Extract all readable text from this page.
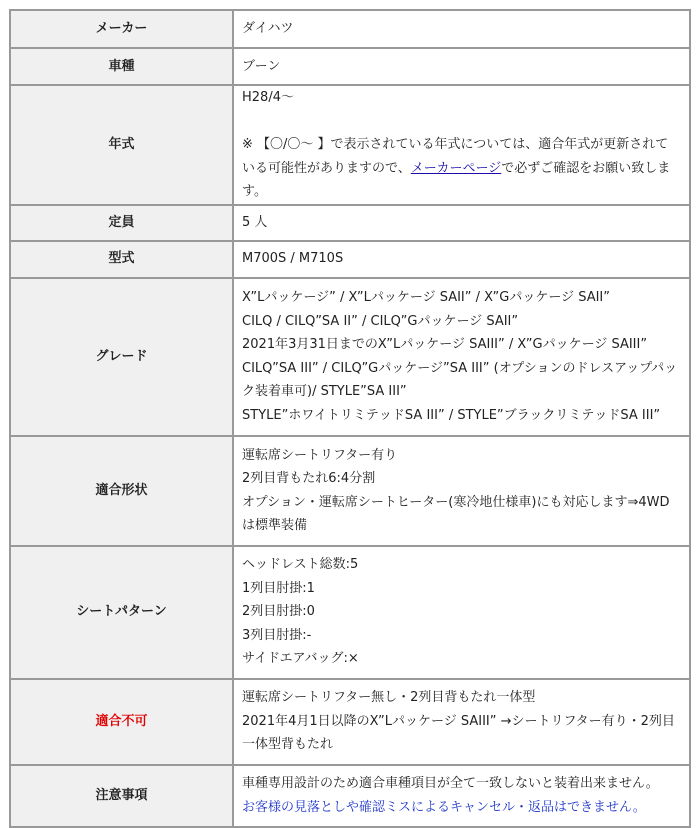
メーカー	ダイハツ

車種	ブーン

年式	H28/4～
※ 【〇/〇～ 】で表示されている年式については、適合年式が更新されている可能性がありますので、メーカーページで必ずご確認をお願い致します。

定員	5 人

型式	M700S / M710S

グレード	X”Lパッケージ” / X”Lパッケージ SAII” / X”Gパッケージ SAII”
CILQ / CILQ”SA II” / CILQ”Gパッケージ SAII”
2021年3月31日までのX”Lパッケージ SAIII” / X”Gパッケージ SAIII”
CILQ”SA III” / CILQ”Gパッケージ”SA III” (オプションのドレスアップパック装着車可)/ STYLE”SA III”
STYLE”ホワイトリミテッドSA III” / STYLE”ブラックリミテッドSA III”

適合形状	運転席シートリフター有り
2列目背もたれ6:4分割
オプション・運転席シートヒーター(寒冷地仕様車)にも対応します⇒4WDは標準装備

シートパターン	ヘッドレスト総数:5
1列目肘掛:1
2列目肘掛:0
3列目肘掛:-
サイドエアバッグ:×

適合不可	運転席シートリフター無し・2列目背もたれ一体型
2021年4月1日以降のX”Lパッケージ SAIII” →シートリフター有り・2列目一体型背もたれ

注意事項	車種専用設計のため適合車種項目が全て一致しないと装着出来ません。
お客様の見落としや確認ミスによるキャンセル・返品はできません。
